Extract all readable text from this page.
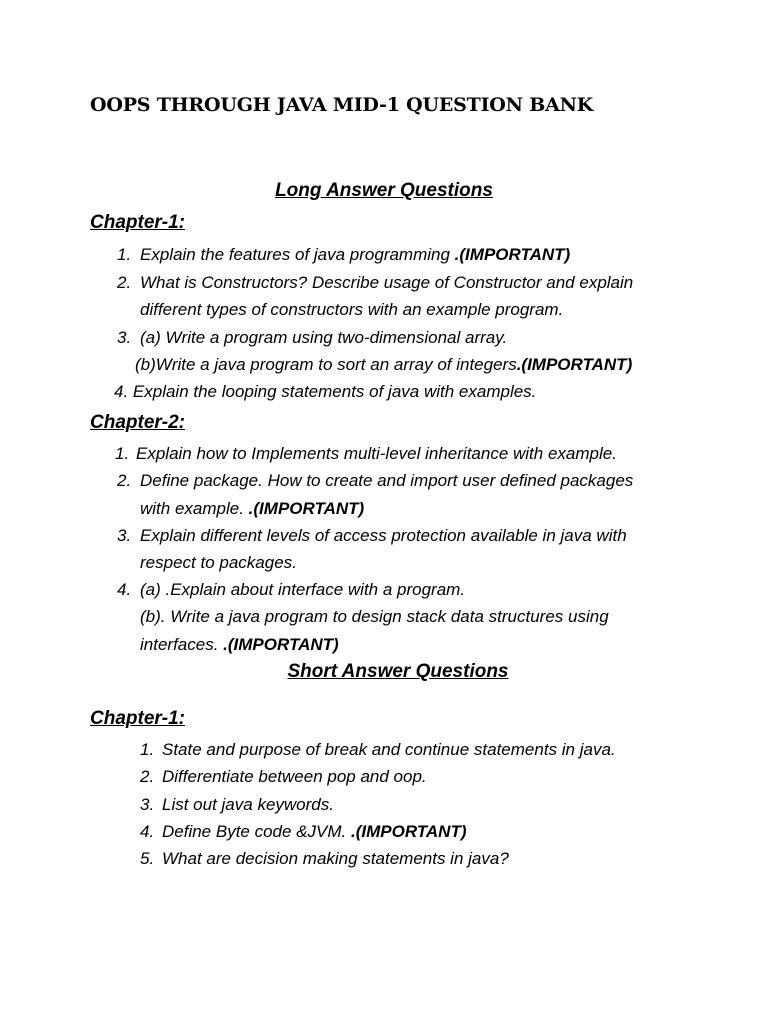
OOPS THROUGH JAVA MID-1 QUESTION BANK
Long Answer Questions
Chapter-1:
1. Explain the features of java programming .(IMPORTANT)
2. What is Constructors? Describe usage of Constructor and explain
different types of constructors with an example program.
3. (a) Write a program using two-dimensional array.
(b)Write a java program to sort an array of integers.(IMPORTANT)
4. Explain the looping statements of java with examples.
Chapter-2:
1. Explain how to Implements multi-level inheritance with example.
2. Define package. How to create and import user defined packages
with example. .(IMPORTANT)
3. Explain different levels of access protection available in java with
respect to packages.
4. (a) .Explain about interface with a program.
(b). Write a java program to design stack data structures using
interfaces. .(IMPORTANT)
Short Answer Questions
Chapter-1:
1. State and purpose of break and continue statements in java.
2. Differentiate between pop and oop.
3. List out java keywords.
4. Define Byte code &JVM. .(IMPORTANT)
5. What are decision making statements in java?
